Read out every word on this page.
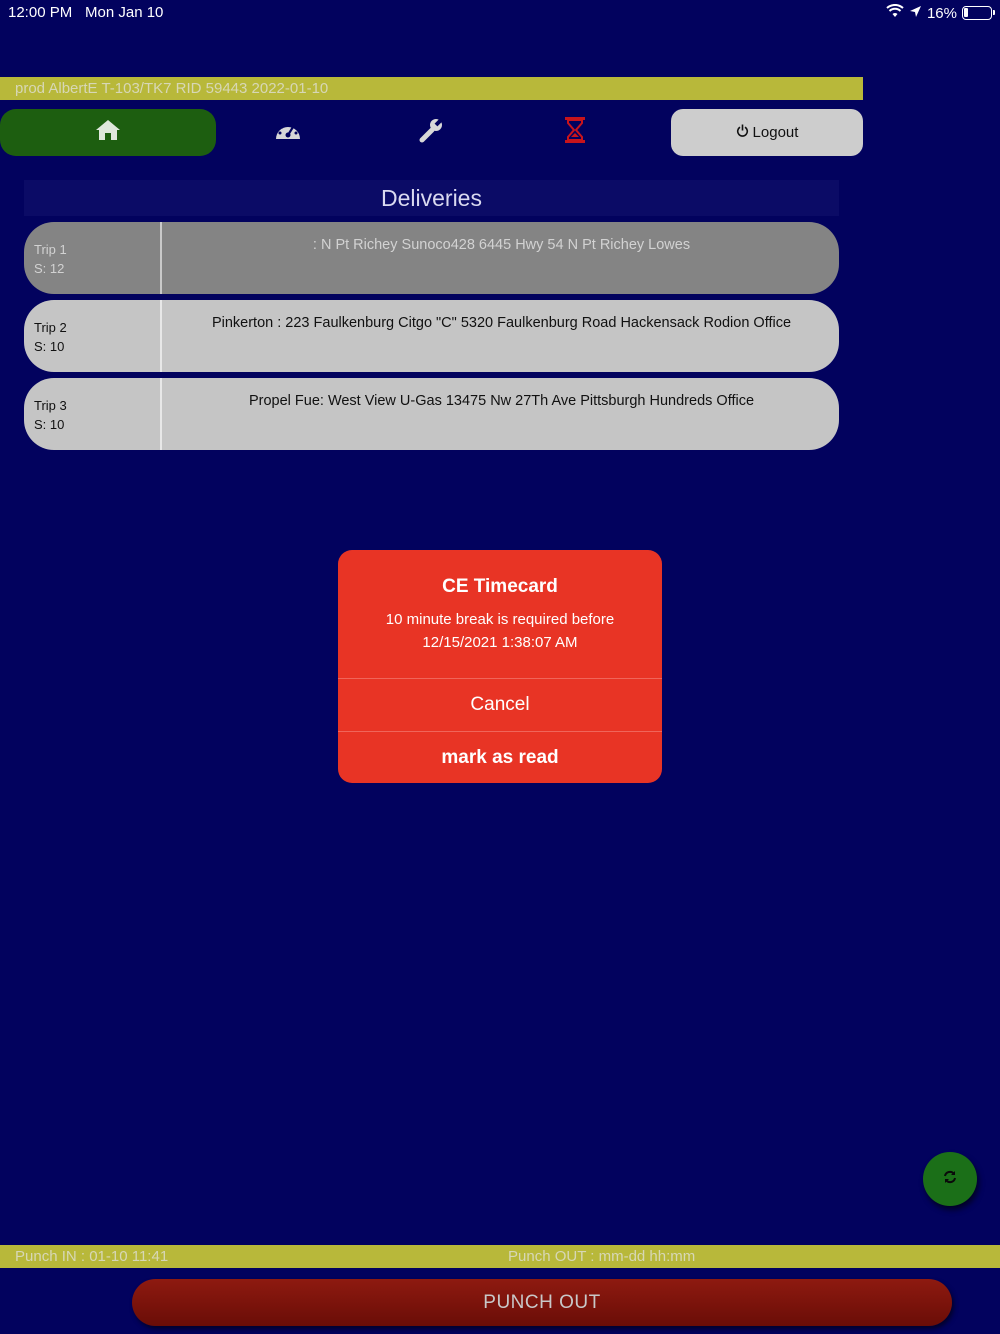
12:00 PM Mon Jan 10	16%
prod AlbertE T-103/TK7 RID 59443 2022-01-10
Logout
Deliveries
Trip 1
S: 12
: N Pt Richey Sunoco428 6445 Hwy 54 N Pt Richey Lowes
Trip 2
S: 10
Pinkerton : 223 Faulkenburg Citgo "C" 5320 Faulkenburg Road Hackensack Rodion Office
Trip 3
S: 10
Propel Fue: West View U-Gas 13475 Nw 27Th Ave Pittsburgh Hundreds Office
CE Timecard
10 minute break is required before
12/15/2021 1:38:07 AM
Cancel
mark as read
Punch IN : 01-10 11:41	Punch OUT : mm-dd hh:mm
PUNCH OUT
